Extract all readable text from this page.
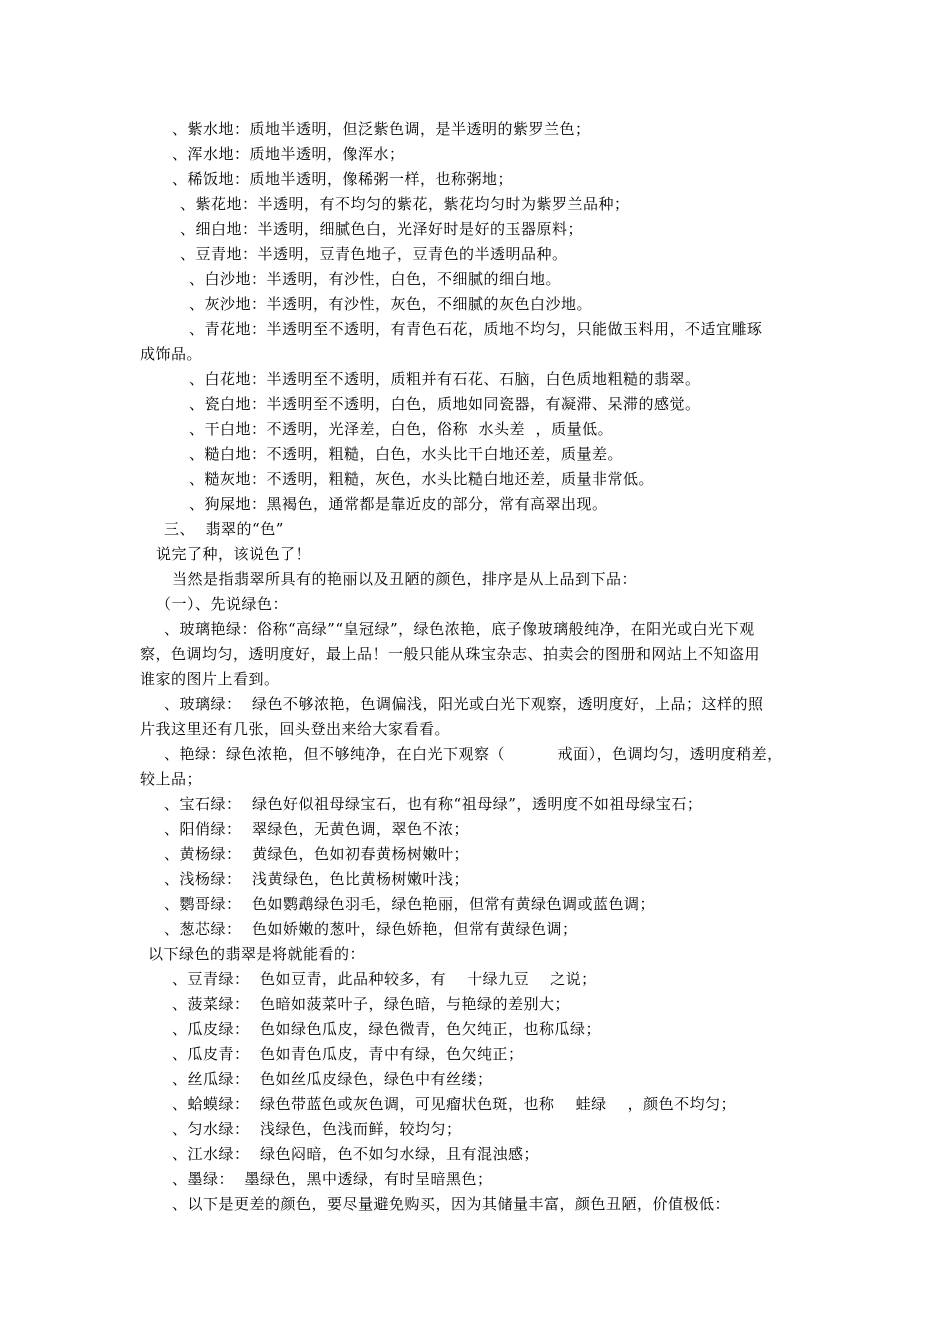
、紫水地：质地半透明，但泛紫色调，是半透明的紫罗兰色；
、浑水地：质地半透明，像浑水；
、稀饭地：质地半透明，像稀粥一样，也称粥地；
、紫花地：半透明，有不均匀的紫花，紫花均匀时为紫罗兰品种；
、细白地：半透明，细腻色白，光泽好时是好的玉器原料；
、豆青地：半透明，豆青色地子，豆青色的半透明品种。
、白沙地：半透明，有沙性，白色，不细腻的细白地。
、灰沙地：半透明，有沙性，灰色，不细腻的灰色白沙地。
、青花地：半透明至不透明，有青色石花，质地不均匀，只能做玉料用，不适宜雕琢
成饰品。
、白花地：半透明至不透明，质粗并有石花、石脑，白色质地粗糙的翡翠。
、瓷白地：半透明至不透明，白色，质地如同瓷器，有凝滞、呆滞的感觉。
、干白地：不透明，光泽差，白色，俗称  水头差  ，质量低。
、糙白地：不透明，粗糙，白色，水头比干白地还差，质量差。
、糙灰地：不透明，粗糙，灰色，水头比糙白地还差，质量非常低。
、狗屎地：黑褐色，通常都是靠近皮的部分，常有高翠出现。
三、  翡翠的“色”
说完了种，该说色了！
当然是指翡翠所具有的艳丽以及丑陋的颜色，排序是从上品到下品：
（一）、先说绿色：
、玻璃艳绿：俗称“高绿”“皇冠绿”，绿色浓艳，底子像玻璃般纯净，在阳光或白光下观
察，色调均匀，透明度好，最上品！一般只能从珠宝杂志、拍卖会的图册和网站上不知盗用
谁家的图片上看到。
、玻璃绿：  绿色不够浓艳，色调偏浅，阳光或白光下观察，透明度好，上品；这样的照
片我这里还有几张，回头登出来给大家看看。
、艳绿：绿色浓艳，但不够纯净，在白光下观察（          戒面），色调均匀，透明度稍差，
较上品；
、宝石绿：  绿色好似祖母绿宝石，也有称“祖母绿”，透明度不如祖母绿宝石；
、阳俏绿：  翠绿色，无黄色调，翠色不浓；
、黄杨绿：  黄绿色，色如初春黄杨树嫩叶；
、浅杨绿：  浅黄绿色，色比黄杨树嫩叶浅；
、鹦哥绿：  色如鹦鹉绿色羽毛，绿色艳丽，但常有黄绿色调或蓝色调；
、葱芯绿：  色如娇嫩的葱叶，绿色娇艳，但常有黄绿色调；
以下绿色的翡翠是将就能看的：
、豆青绿：  色如豆青，此品种较多，有    十绿九豆    之说；
、菠菜绿：  色暗如菠菜叶子，绿色暗，与艳绿的差别大；
、瓜皮绿：  色如绿色瓜皮，绿色微青，色欠纯正，也称瓜绿；
、瓜皮青：  色如青色瓜皮，青中有绿，色欠纯正；
、丝瓜绿：  色如丝瓜皮绿色，绿色中有丝缕；
、蛤蟆绿：  绿色带蓝色或灰色调，可见瘤状色斑，也称    蛙绿    ，颜色不均匀；
、匀水绿：  浅绿色，色浅而鲜，较均匀；
、江水绿：  绿色闷暗，色不如匀水绿，且有混浊感；
、墨绿：  墨绿色，黑中透绿，有时呈暗黑色；
、以下是更差的颜色，要尽量避免购买，因为其储量丰富，颜色丑陋，价值极低：
